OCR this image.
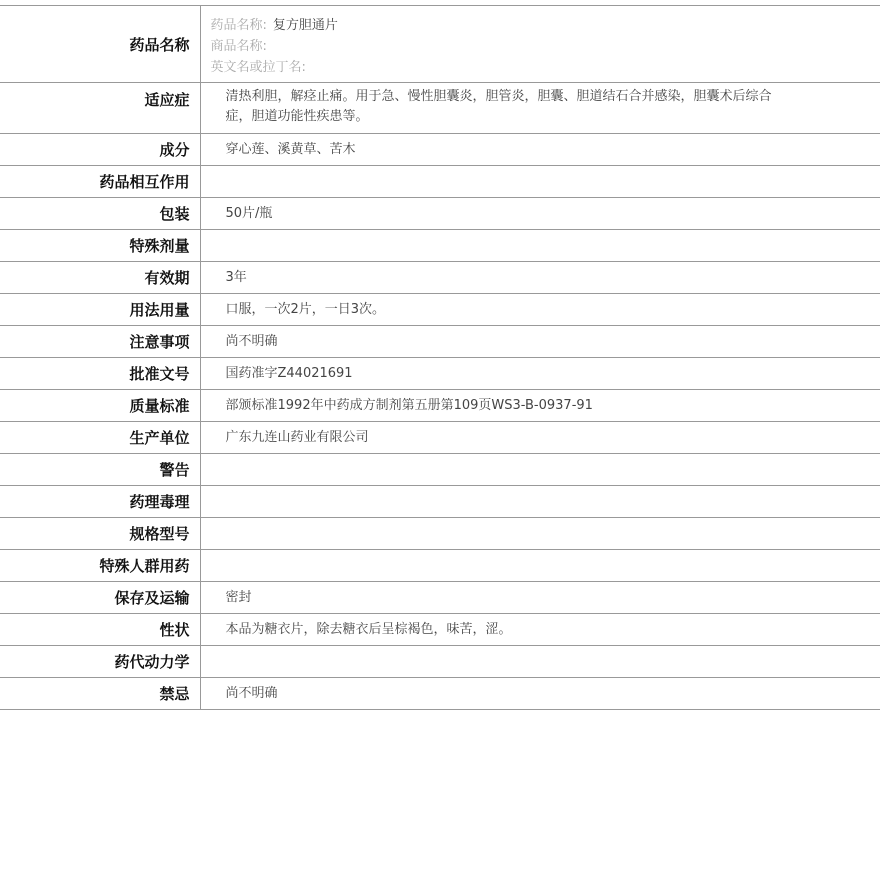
药品名称	药品名称: 复方胆通片
商品名称:
英文名或拉丁名:

适应症	清热利胆，解痉止痛。用于急、慢性胆囊炎，胆管炎，胆囊、胆道结石合并感染，胆囊术后综合症，胆道功能性疾患等。
成分	穿心莲、溪黄草、苦木
药品相互作用	
包装	50片/瓶
特殊剂量	
有效期	3年
用法用量	口服，一次2片，一日3次。
注意事项	尚不明确
批准文号	国药准字Z44021691
质量标准	部颁标准1992年中药成方制剂第五册第109页WS3-B-0937-91
生产单位	广东九连山药业有限公司
警告	
药理毒理	
规格型号	
特殊人群用药	
保存及运输	密封
性状	本品为糖衣片，除去糖衣后呈棕褐色，味苦，涩。
药代动力学	
禁忌	尚不明确
